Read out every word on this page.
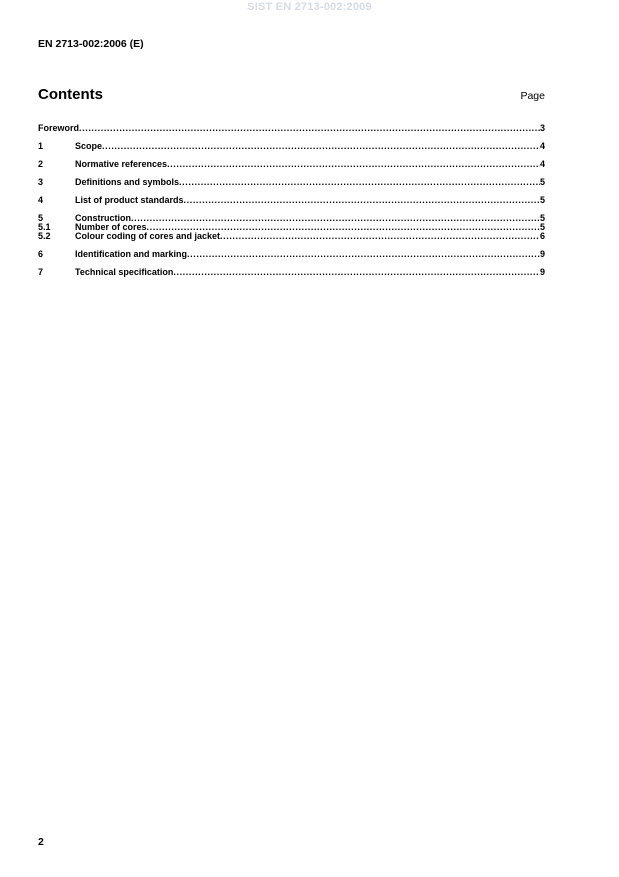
SIST EN 2713-002:2009
EN 2713-002:2006 (E)
Contents	Page
Foreword .....	3
1	Scope .....	4
2	Normative references .....	4
3	Definitions and symbols .....	5
4	List of product standards .....	5
5	Construction .....	5
5.1	Number of cores .....	5
5.2	Colour coding of cores and jacket .....	6
6	Identification and marking .....	9
7	Technical specification .....	9
2
